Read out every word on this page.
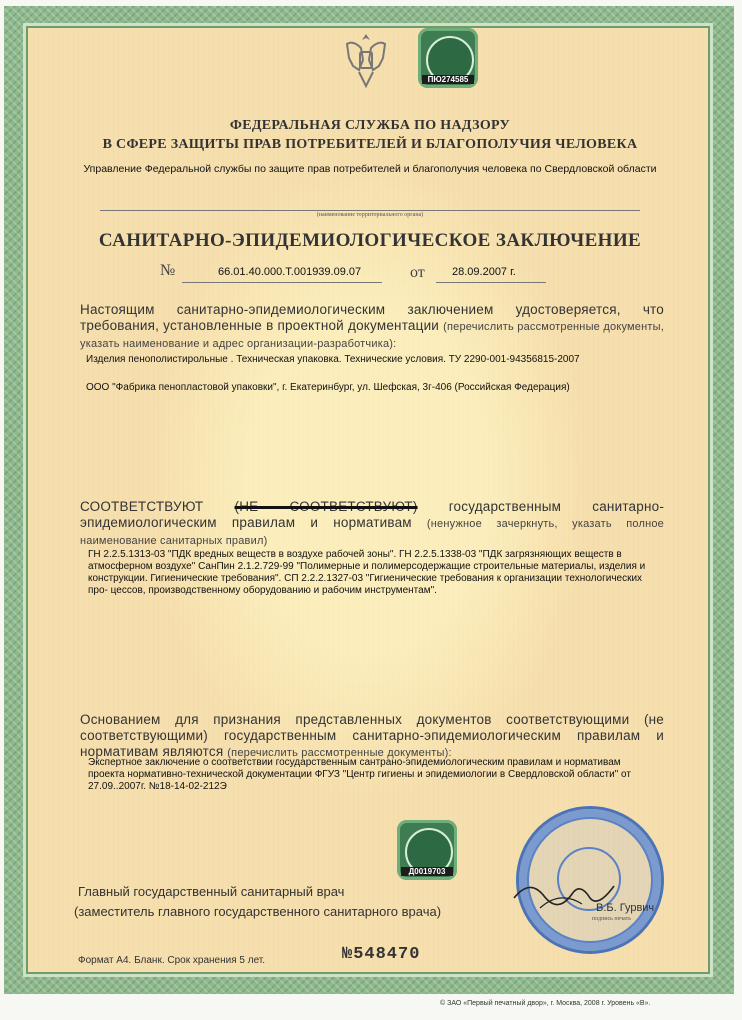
ПЮ274585
ФЕДЕРАЛЬНАЯ СЛУЖБА ПО НАДЗОРУ
В СФЕРЕ ЗАЩИТЫ ПРАВ ПОТРЕБИТЕЛЕЙ И БЛАГОПОЛУЧИЯ ЧЕЛОВЕКА
Управление Федеральной службы по защите прав потребителей и благополучия человека по Свердловской области
(наименование территориального органа)
САНИТАРНО-ЭПИДЕМИОЛОГИЧЕСКОЕ ЗАКЛЮЧЕНИЕ
№	66.01.40.000.Т.001939.09.07	от 28.09.2007 г.
Настоящим санитарно-эпидемиологическим заключением удостоверяется, что требования, установленные в проектной документации (перечислить рассмотренные документы, указать наименование и адрес организации-разработчика):
Изделия пенополистирольные . Техническая упаковка. Технические условия. ТУ 2290-001-94356815-2007
ООО "Фабрика пенопластовой упаковки", г. Екатеринбург, ул. Шефская, 3г-406 (Российская Федерация)
СООТВЕТСТВУЮТ (НЕ СООТВЕТСТВУЮТ) государственным санитарно-эпидемиологическим правилам и нормативам (ненужное зачеркнуть, указать полное наименование санитарных правил)
ГН 2.2.5.1313-03 "ПДК вредных веществ в воздухе рабочей зоны". ГН 2.2.5.1338-03 "ПДК загрязняющих веществ в атмосферном воздухе" СанПин 2.1.2.729-99 "Полимерные и полимерсодержащие строительные материалы, изделия и конструкции. Гигиенические требования". СП 2.2.2.1327-03 "Гигиенические требования к организации технологических про- цессов, производственному оборудованию и рабочим инструментам".
Основанием для признания представленных документов соответствующими (не соответствующими) государственным санитарно-эпидемиологическим правилам и нормативам являются (перечислить рассмотренные документы):
Экспертное заключение о соответствии государственным сантрано-эпидемиологическим правилам и нормативам проекта нормативно-технической документации ФГУЗ "Центр гигиены и эпидемиологии в Свердловской области" от 27.09..2007г. №18-14-02-212Э
Д0019703
Главный государственный санитарный врач
(заместитель главного государственного санитарного врача)	В.Б. Гурвич
подпись печать
Формат А4. Бланк. Срок хранения 5 лет.	№548470
© ЗАО «Первый печатный двор», г. Москва, 2008 г. Уровень «В».
